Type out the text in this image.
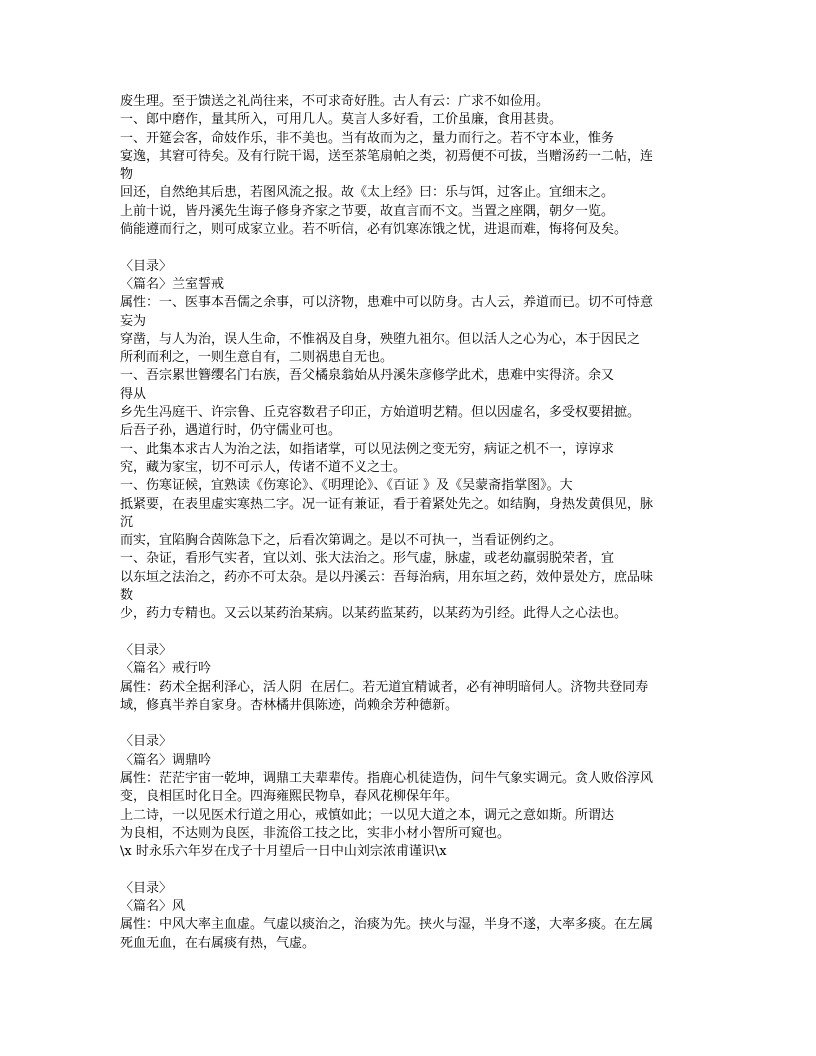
废生理。至于馈送之礼尚往来，不可求奇好胜。古人有云：广求不如俭用。
一、郎中磨作，量其所入，可用几人。莫言人多好看，工价虽廉，食用甚贵。
一、开筵会客，命妓作乐，非不美也。当有故而为之，量力而行之。若不守本业，惟务
宴逸，其窘可待矣。及有行院干谒，送至茶笔扇帕之类，初焉便不可拔，当赠汤药一二帖，连
物
回还，自然绝其后患，若图风流之报。故《太上经》曰：乐与饵，过客止。宜细末之。
上前十说，皆丹溪先生诲子修身齐家之节要，故直言而不文。当置之座隅，朝夕一览。
倘能遵而行之，则可成家立业。若不听信，必有饥寒冻饿之忧，进退而难，悔将何及矣。
〈目录〉
〈篇名〉兰室誓戒
属性：一、医事本吾儒之余事，可以济物，患难中可以防身。古人云，养道而已。切不可恃意
妄为
穿凿，与人为治，误人生命，不惟祸及自身，殃堕九祖尔。但以活人之心为心，本于因民之
所利而利之，一则生意自有，二则祸患自无也。
一、吾宗累世簪缨名门右族，吾父橘泉翁始从丹溪朱彦修学此术，患难中实得济。余又
得从
乡先生冯庭干、许宗鲁、丘克容数君子印正，方始道明艺精。但以因虚名，多受权要捃摭。
后吾子孙，遇道行时，仍守儒业可也。
一、此集本求古人为治之法，如指诸掌，可以见法例之变无穷，病证之机不一，谆谆求
究，藏为家宝，切不可示人，传诸不道不义之士。
一、伤寒证候，宜熟读《伤寒论》、《明理论》、《百证 》及《吴蒙斋指掌图》。大
抵紧要，在表里虚实寒热二字。况一证有兼证，看于着紧处先之。如结胸，身热发黄俱见，脉
沉
而实，宜陷胸合茵陈急下之，后看次第调之。是以不可执一，当看证例约之。
一、杂证，看形气实者，宜以刘、张大法治之。形气虚，脉虚，或老幼羸弱脱荣者，宜
以东垣之法治之，药亦不可太杂。是以丹溪云：吾每治病，用东垣之药，效仲景处方，庶品味
数
少，药力专精也。又云以某药治某病。以某药监某药，以某药为引经。此得人之心法也。
〈目录〉
〈篇名〉戒行吟
属性：药术全据利泽心，活人阴  在居仁。若无道宜精诚者，必有神明暗伺人。济物共登同寿
域，修真半养自家身。杏林橘井俱陈迹，尚赖余芳种德新。
〈目录〉
〈篇名〉调鼎吟
属性：茫茫宇宙一乾坤，调鼎工夫辈辈传。指鹿心机徒造伪，问牛气象实调元。贪人败俗淳风
变，良相匡时化日全。四海雍熙民物阜，春风花柳保年年。
上二诗，一以见医术行道之用心，戒慎如此；一以见大道之本，调元之意如斯。所谓达
为良相，不达则为良医，非流俗工技之比，实非小材小智所可窥也。
\x 时永乐六年岁在戊子十月望后一日中山刘宗浓甫谨识\x
〈目录〉
〈篇名〉风
属性：中风大率主血虚。气虚以痰治之，治痰为先。挟火与湿，半身不遂，大率多痰。在左属
死血无血，在右属痰有热，气虚。
